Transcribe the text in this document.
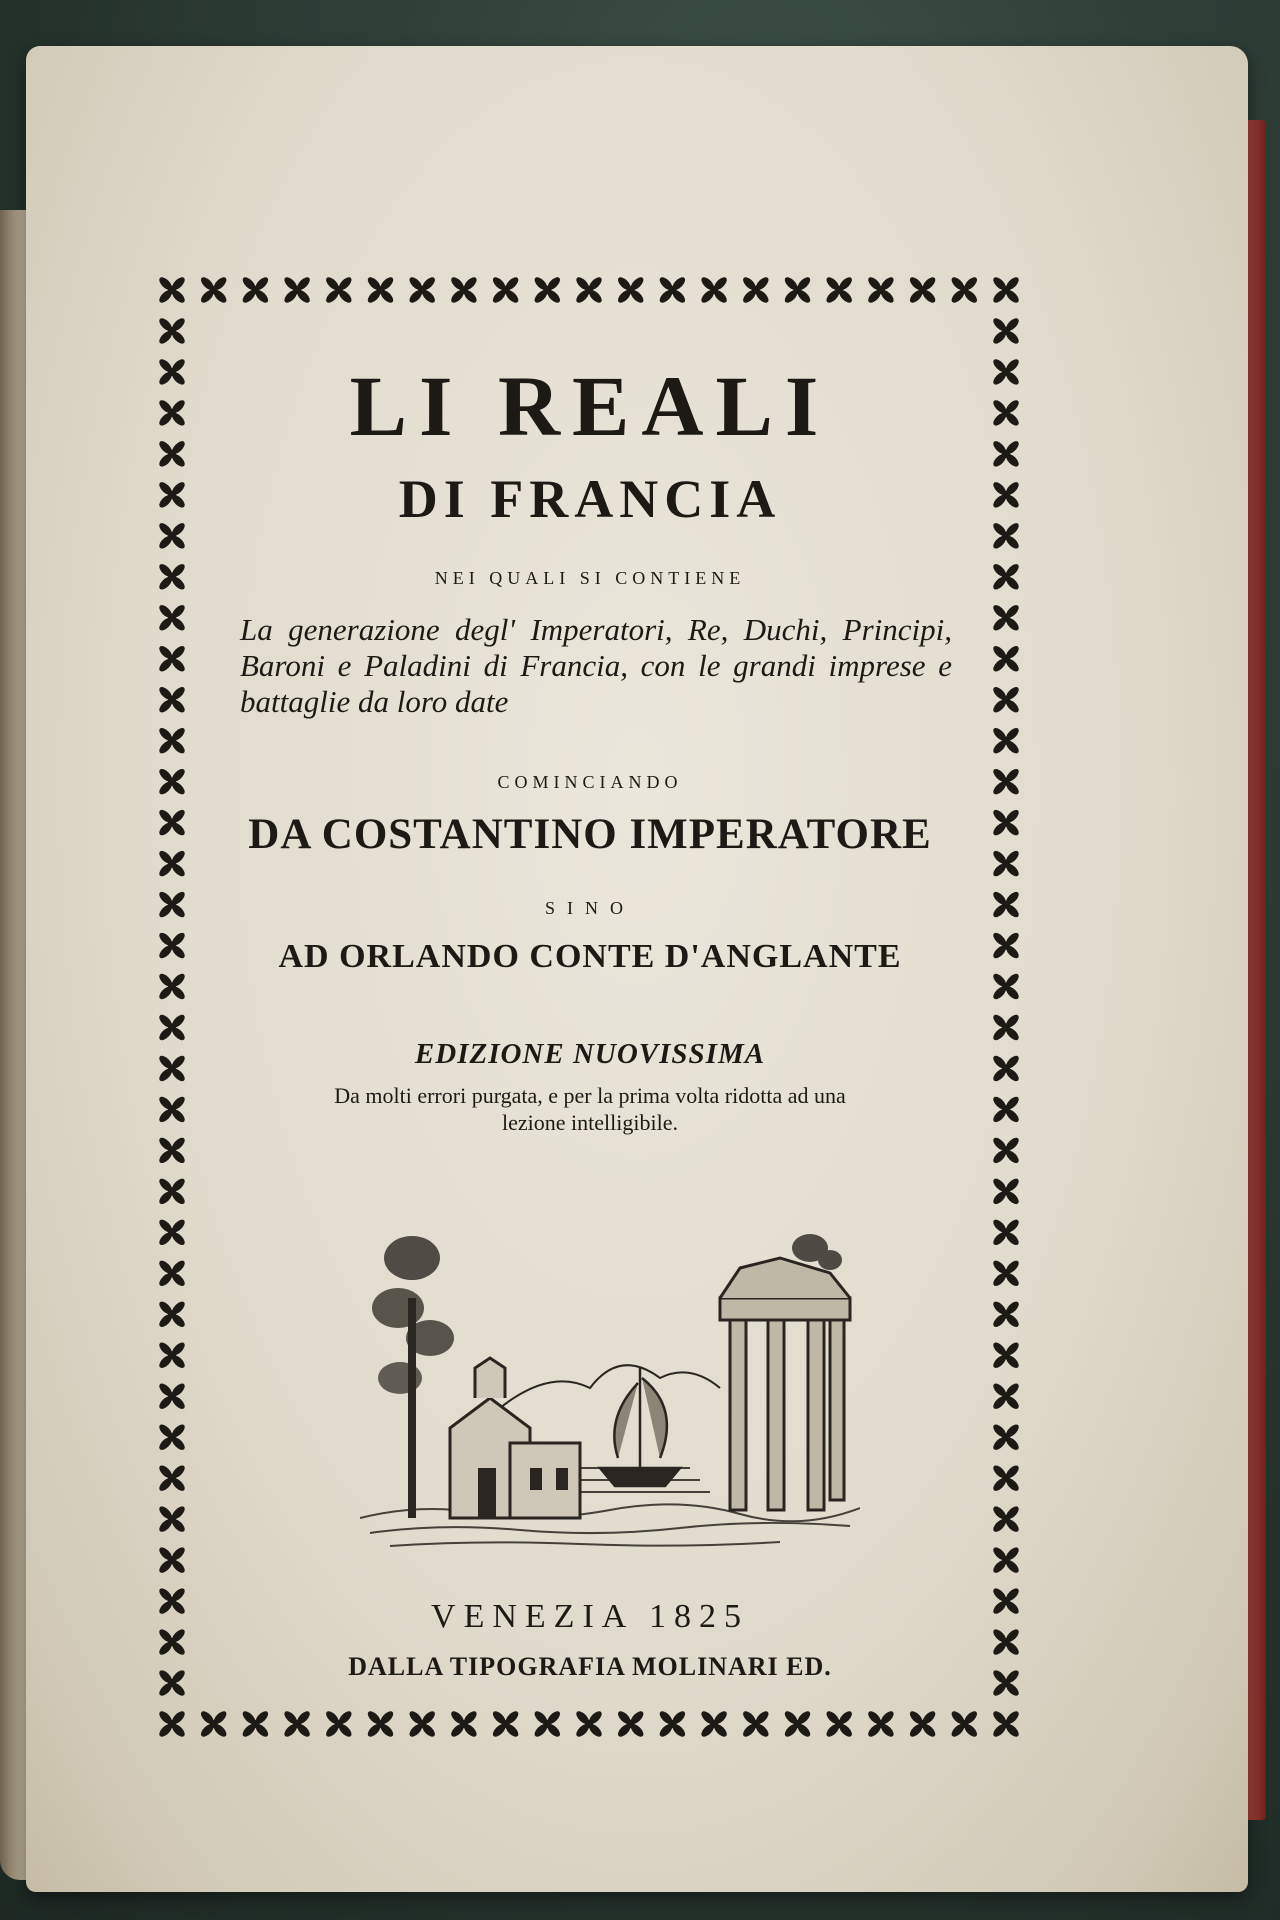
LI REALI
DI FRANCIA
NEI QUALI SI CONTIENE
La generazione degl' Imperatori, Re, Duchi, Principi, Baroni e Paladini di Francia, con le grandi imprese e battaglie da loro date
COMINCIANDO
DA COSTANTINO IMPERATORE
SINO
AD ORLANDO CONTE D'ANGLANTE
EDIZIONE NUOVISSIMA
Da molti errori purgata, e per la prima volta ridotta ad una lezione intelligibile.
VENEZIA 1825
DALLA TIPOGRAFIA MOLINARI ED.
